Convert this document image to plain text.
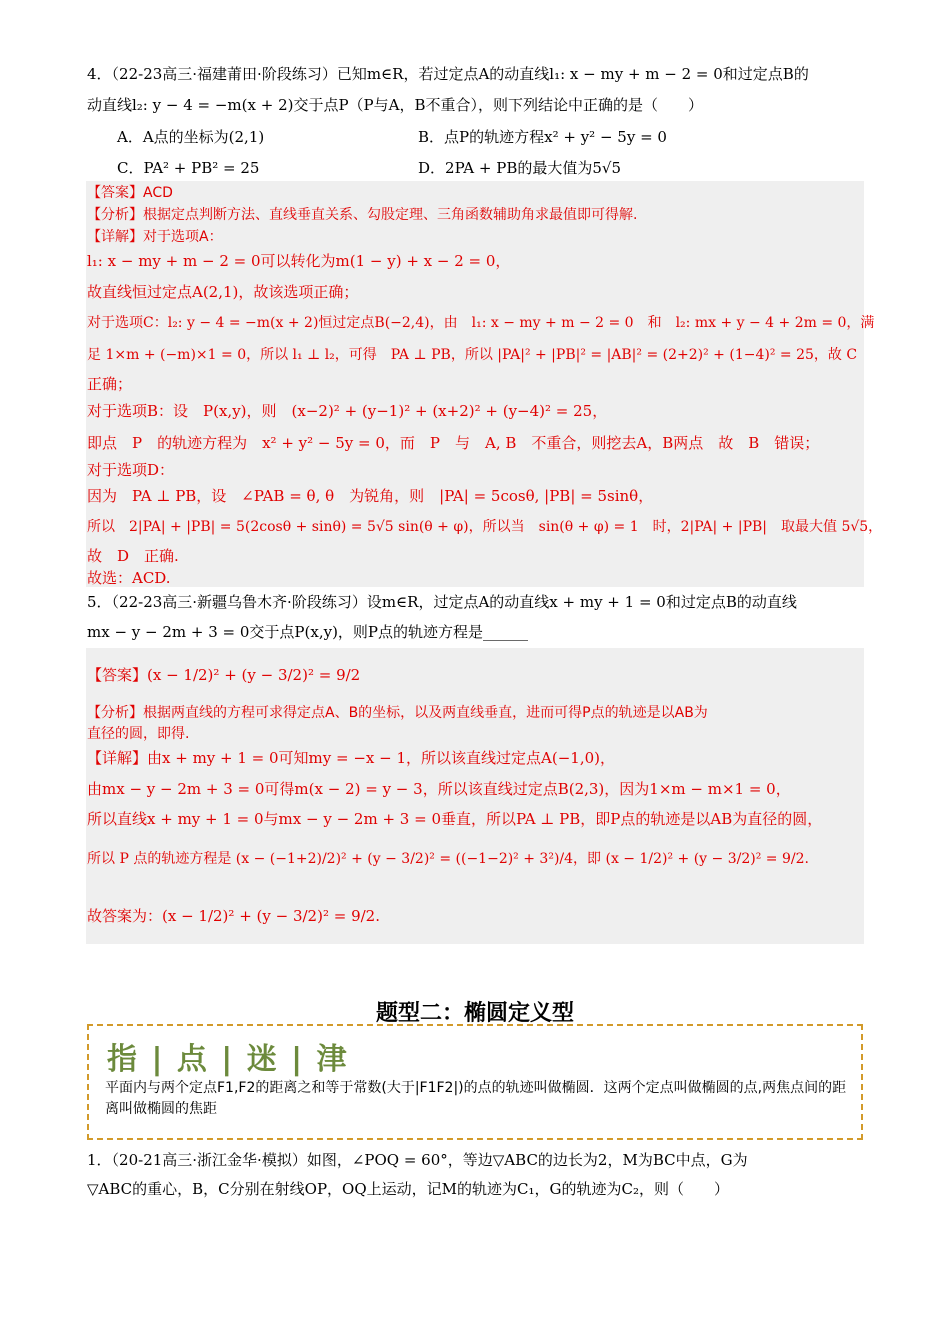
4．（22-23高三·福建莆田·阶段练习）已知m∈R，若过定点A的动直线l₁: x − my + m − 2 = 0和过定点B的
动直线l₂: y − 4 = −m(x + 2)交于点P（P与A，B不重合），则下列结论中正确的是（　　）
A．A点的坐标为(2,1)	B．点P的轨迹方程x² + y² − 5y = 0
C．PA² + PB² = 25	D．2PA + PB的最大值为5√5
【答案】ACD
【分析】根据定点判断方法、直线垂直关系、勾股定理、三角函数辅助角求最值即可得解.
【详解】对于选项A：
l₁: x − my + m − 2 = 0可以转化为m(1 − y) + x − 2 = 0，
故直线恒过定点A(2,1)，故该选项正确；
对于选项C：l₂: y − 4 = −m(x + 2)恒过定点B(−2,4)，由　l₁: x − my + m − 2 = 0　和　l₂: mx + y − 4 + 2m = 0，满
足 1×m + (−m)×1 = 0，所以 l₁ ⊥ l₂，可得　PA ⊥ PB，所以 |PA|² + |PB|² = |AB|² = (2+2)² + (1−4)² = 25，故 C
正确；
对于选项B：设　P(x,y)，则　(x−2)² + (y−1)² + (x+2)² + (y−4)² = 25，
即点　P　的轨迹方程为　x² + y² − 5y = 0，而　P　与　A, B　不重合，则挖去A，B两点　故　B　错误；
对于选项D：
因为　PA ⊥ PB，设　∠PAB = θ, θ　为锐角，则　|PA| = 5cosθ, |PB| = 5sinθ，
所以　2|PA| + |PB| = 5(2cosθ + sinθ) = 5√5 sin(θ + φ)，所以当　sin(θ + φ) = 1　时，2|PA| + |PB|　取最大值 5√5，
故　D　正确.
故选：ACD.
5．（22-23高三·新疆乌鲁木齐·阶段练习）设m∈R，过定点A的动直线x + my + 1 = 0和过定点B的动直线
mx − y − 2m + 3 = 0交于点P(x,y)，则P点的轨迹方程是______
【答案】(x − 1/2)² + (y − 3/2)² = 9/2
【分析】根据两直线的方程可求得定点A、B的坐标，以及两直线垂直，进而可得P点的轨迹是以AB为
直径的圆，即得.
【详解】由x + my + 1 = 0可知my = −x − 1，所以该直线过定点A(−1,0)，
由mx − y − 2m + 3 = 0可得m(x − 2) = y − 3，所以该直线过定点B(2,3)，因为1×m − m×1 = 0，
所以直线x + my + 1 = 0与mx − y − 2m + 3 = 0垂直，所以PA ⊥ PB，即P点的轨迹是以AB为直径的圆，
所以 P 点的轨迹方程是 (x − (−1+2)/2)² + (y − 3/2)² = ((−1−2)² + 3²)/4，即 (x − 1/2)² + (y − 3/2)² = 9/2.
故答案为：(x − 1/2)² + (y − 3/2)² = 9/2.
题型二：椭圆定义型
指 | 点 | 迷 | 津
平面内与两个定点F1,F2的距离之和等于常数(大于|F1F2|)的点的轨迹叫做椭圆．这两个定点叫做椭圆的点,两焦点间的距离叫做椭圆的焦距
1．（20-21高三·浙江金华·模拟）如图，∠POQ = 60°，等边▽ABC的边长为2，M为BC中点，G为
▽ABC的重心，B，C分别在射线OP，OQ上运动，记M的轨迹为C₁，G的轨迹为C₂，则（　　）
